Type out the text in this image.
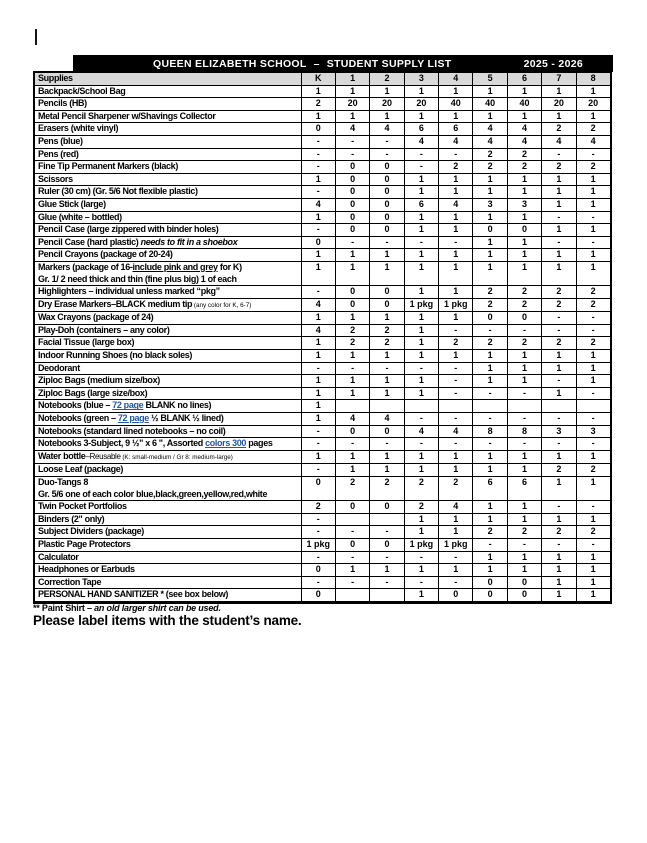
QUEEN ELIZABETH SCHOOL – STUDENT SUPPLY LIST	2025 - 2026
Supplies	K	1	2	3	4	5	6	7	8
Backpack/School Bag	1	1	1	1	1	1	1	1	1
Pencils (HB)	2	20	20	20	40	40	40	20	20
Metal Pencil Sharpener w/Shavings Collector	1	1	1	1	1	1	1	1	1
Erasers (white vinyl)	0	4	4	6	6	4	4	2	2
Pens (blue)	-	-	-	4	4	4	4	4	4
Pens (red)	-	-	-	-	-	2	2	-	-
Fine Tip Permanent Markers (black)	-	0	0	-	2	2	2	2	2
Scissors	1	0	0	1	1	1	1	1	1
Ruler (30 cm) (Gr. 5/6 Not flexible plastic)	-	0	0	1	1	1	1	1	1
Glue Stick (large)	4	0	0	6	4	3	3	1	1
Glue (white – bottled)	1	0	0	1	1	1	1	-	-
Pencil Case (large zippered with binder holes)	-	0	0	1	1	0	0	1	1
Pencil Case (hard plastic) needs to fit in a shoebox	0	-	-	-	-	1	1	-	-
Pencil Crayons (package of 20-24)	1	1	1	1	1	1	1	1	1
Markers (package of 16-include pink and grey for K)
Gr. 1/ 2 need thick and thin (fine plus big) 1 of each	1	1	1	1	1	1	1	1	1
Highlighters – individual unless marked “pkg”	-	0	0	1	1	2	2	2	2
Dry Erase Markers–BLACK medium tip (any color for K, 6-7)	4	0	0	1 pkg	1 pkg	2	2	2	2
Wax Crayons (package of 24)	1	1	1	1	1	0	0	-	-
Play-Doh (containers – any color)	4	2	2	1	-	-	-	-	-
Facial Tissue (large box)	1	2	2	1	2	2	2	2	2
Indoor Running Shoes (no black soles)	1	1	1	1	1	1	1	1	1
Deodorant	-	-	-	-	-	1	1	1	1
Ziploc Bags (medium size/box)	1	1	1	1	-	1	1	-	1
Ziploc Bags (large size/box)	1	1	1	1	-	-	-	1	-
Notebooks (blue – 72 page BLANK no lines)	1								
Notebooks (green – 72 page ½ BLANK ½ lined)	1	4	4	-	-	-	-	-	-
Notebooks (standard lined notebooks – no coil)	-	0	0	4	4	8	8	3	3
Notebooks 3-Subject, 9 ½" x 6 ", Assorted colors 300 pages	-	-	-	-	-	-	-	-	-
Water bottle–Reusable (K: small-medium / Gr 8: medium-large)	1	1	1	1	1	1	1	1	1
Loose Leaf (package)	-	1	1	1	1	1	1	2	2
Duo-Tangs 8
Gr. 5/6 one of each color blue,black,green,yellow,red,white	0	2	2	2	2	6	6	1	1
Twin Pocket Portfolios	2	0	0	2	4	1	1	-	-
Binders (2" only)	-			1	1	1	1	1	1
Subject Dividers (package)	-	-	-	1	1	2	2	2	2
Plastic Page Protectors	1 pkg	0	0	1 pkg	1 pkg	-	-	-	-
Calculator	-	-	-	-	-	1	1	1	1
Headphones or Earbuds	0	1	1	1	1	1	1	1	1
Correction Tape	-	-	-	-	-	0	0	1	1
PERSONAL HAND SANITIZER * (see box below)	0			1	0	0	0	1	1
** Paint Shirt – an old larger shirt can be used.
Please label items with the student’s name.
